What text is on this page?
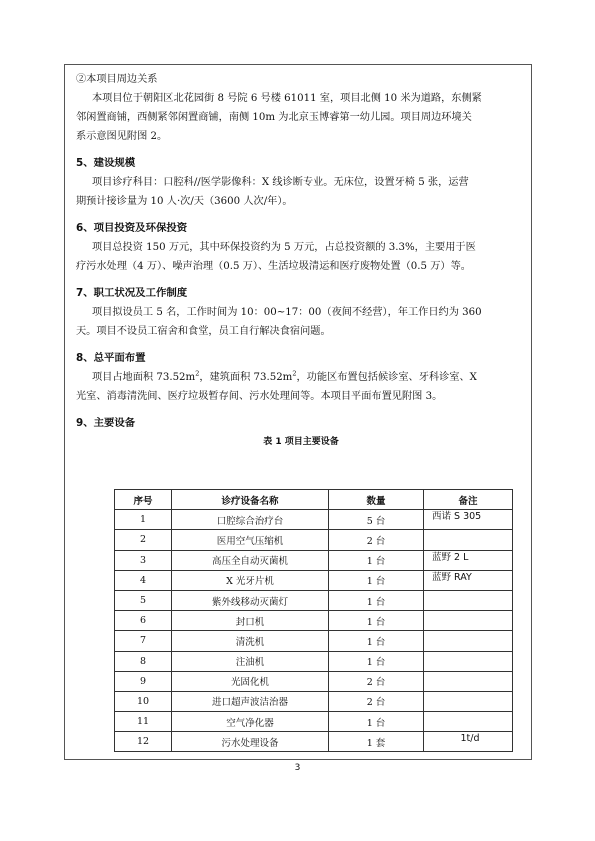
②本项目周边关系
本项目位于朝阳区北花园街 8 号院 6 号楼 61011 室，项目北侧 10 米为道路，东侧紧
邻闲置商铺，西侧紧邻闲置商铺，南侧 10m 为北京玉博睿第一幼儿园。项目周边环境关
系示意图见附图 2。
5、建设规模
项目诊疗科目：口腔科//医学影像科：X 线诊断专业。无床位，设置牙椅 5 张，运营
期预计接诊量为 10 人·次/天（3600 人次/年）。
6、项目投资及环保投资
项目总投资 150 万元，其中环保投资约为 5 万元，占总投资额的 3.3%，主要用于医
疗污水处理（4 万）、噪声治理（0.5 万）、生活垃圾清运和医疗废物处置（0.5 万）等。
7、职工状况及工作制度
项目拟设员工 5 名，工作时间为 10：00~17：00（夜间不经营），年工作日约为 360
天。项目不设员工宿舍和食堂，员工自行解决食宿问题。
8、总平面布置
项目占地面积 $73.52m^2$，建筑面积 $73.52m^2$，功能区布置包括候诊室、牙科诊室、X
光室、消毒清洗间、医疗垃圾暂存间、污水处理间等。本项目平面布置见附图 3。
9、主要设备
表 1 项目主要设备
序号	诊疗设备名称	数量	备注
1	口腔综合治疗台	5 台	西诺 S 305
2	医用空气压缩机	2 台	
3	高压全自动灭菌机	1 台	蓝野 2 L
4	X 光牙片机	1 台	蓝野 RAY
5	紫外线移动灭菌灯	1 台	
6	封口机	1 台	
7	清洗机	1 台	
8	注油机	1 台	
9	光固化机	2 台	
10	进口超声波洁治器	2 台	
11	空气净化器	1 台	
12	污水处理设备	1 套	1t/d
3
